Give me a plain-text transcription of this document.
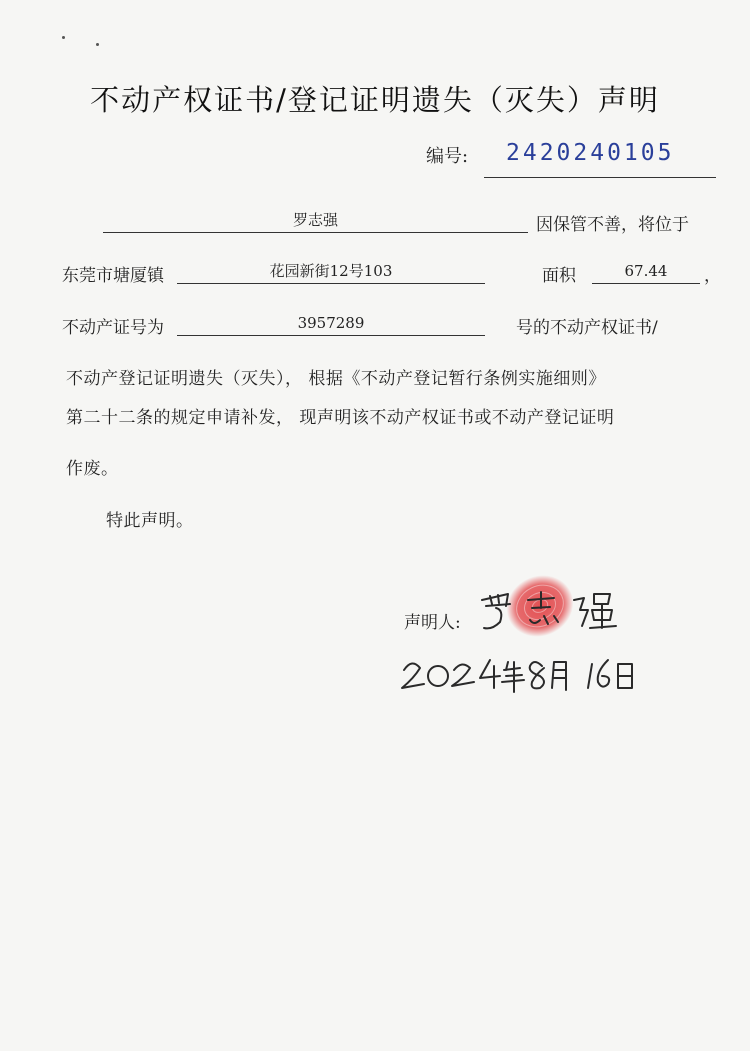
不动产权证书/登记证明遗失（灭失）声明
编号:	2420240105
罗志强	因保管不善，将位于
东莞市塘厦镇	花园新街12号103	面积	67.44	，
不动产证号为	3957289	号的不动产权证书/
不动产登记证明遗失（灭失）， 根据《不动产登记暂行条例实施细则》
第二十二条的规定申请补发， 现声明该不动产权证书或不动产登记证明
作废。
特此声明。
声明人:
